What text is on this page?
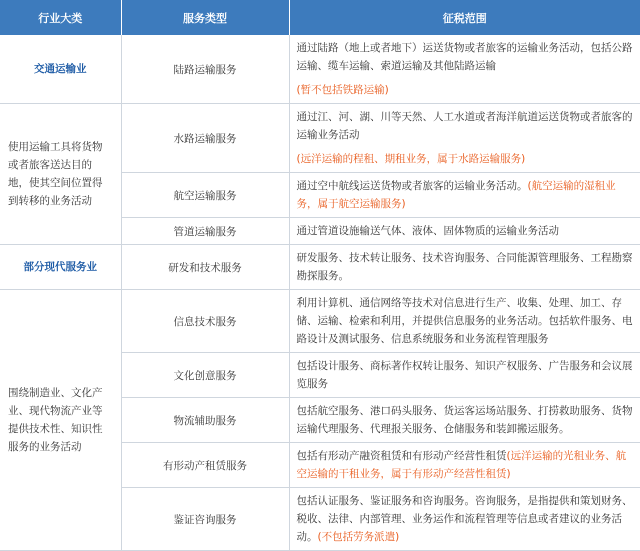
行业大类	服务类型	征税范围
交通运输业	陆路运输服务	通过陆路（地上或者地下）运送货物或者旅客的运输业务活动，包括公路运输、缆车运输、索道运输及其他陆路运输
(暂不包括铁路运输)

使用运输工具将货物或者旅客送达目的地，使其空间位置得到转移的业务活动	水路运输服务	通过江、河、湖、川等天然、人工水道或者海洋航道运送货物或者旅客的运输业务活动
(远洋运输的程租、期租业务，属于水路运输服务)

	航空运输服务	通过空中航线运送货物或者旅客的运输业务活动。(航空运输的湿租业务，属于航空运输服务)
	管道运输服务	通过管道设施输送气体、液体、固体物质的运输业务活动
部分现代服务业	研发和技术服务	研发服务、技术转让服务、技术咨询服务、合同能源管理服务、工程勘察勘探服务。
围绕制造业、文化产业、现代物流产业等提供技术性、知识性服务的业务活动	信息技术服务	利用计算机、通信网络等技术对信息进行生产、收集、处理、加工、存储、运输、检索和利用，并提供信息服务的业务活动。包括软件服务、电路设计及测试服务、信息系统服务和业务流程管理服务
	文化创意服务	包括设计服务、商标著作权转让服务、知识产权服务、广告服务和会议展览服务
	物流辅助服务	包括航空服务、港口码头服务、货运客运场站服务、打捞救助服务、货物运输代理服务、代理报关服务、仓储服务和装卸搬运服务。
	有形动产租赁服务	包括有形动产融资租赁和有形动产经营性租赁(远洋运输的光租业务、航空运输的干租业务，属于有形动产经营性租赁)
	鉴证咨询服务	包括认证服务、鉴证服务和咨询服务。咨询服务，是指提供和策划财务、税收、法律、内部管理、业务运作和流程管理等信息或者建议的业务活动。(不包括劳务派遣)
